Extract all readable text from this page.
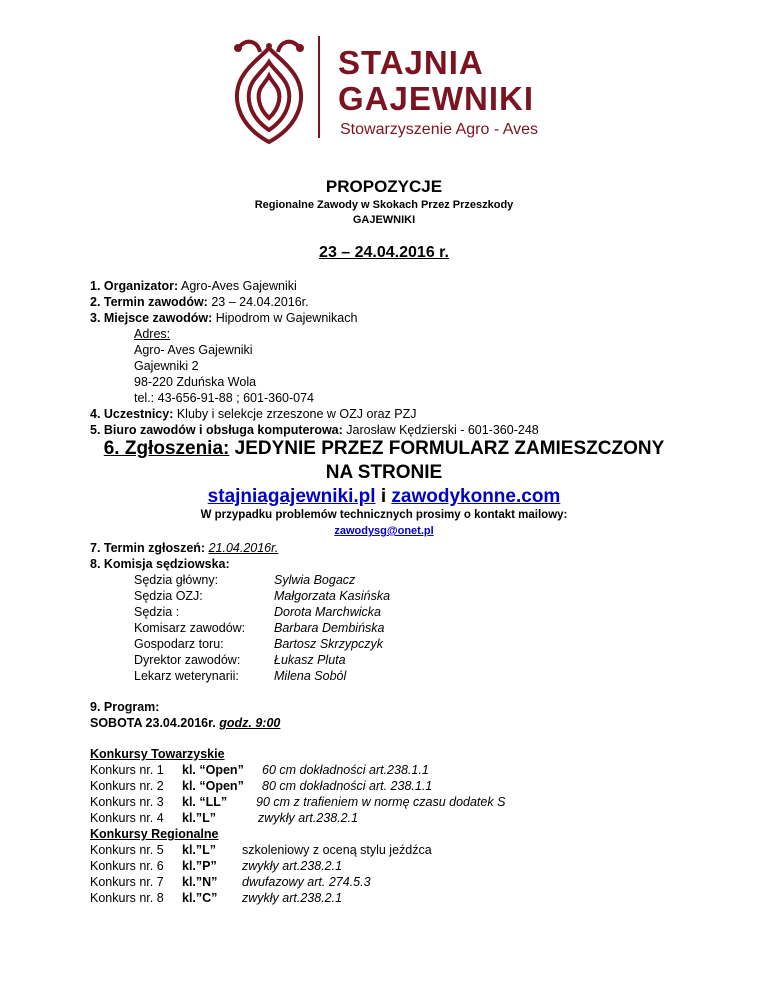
STAJNIA
GAJEWNIKI
Stowarzyszenie Agro - Aves
PROPOZYCJE
Regionalne Zawody w Skokach Przez Przeszkody
GAJEWNIKI
23 – 24.04.2016 r.
1. Organizator: Agro-Aves Gajewniki
2. Termin zawodów: 23 – 24.04.2016r.
3. Miejsce zawodów: Hipodrom w Gajewnikach
Adres:
Agro- Aves Gajewniki
Gajewniki 2
98-220 Zduńska Wola
tel.: 43-656-91-88 ; 601-360-074
4. Uczestnicy: Kluby i selekcje zrzeszone w OZJ oraz PZJ
5. Biuro zawodów i obsługa komputerowa: Jarosław Kędzierski - 601-360-248
6. Zgłoszenia: JEDYNIE PRZEZ FORMULARZ ZAMIESZCZONY
NA STRONIE
stajniagajewniki.pl i zawodykonne.com
W przypadku problemów technicznych prosimy o kontakt mailowy:
zawodysg@onet.pl
7. Termin zgłoszeń: 21.04.2016r.
8. Komisja sędziowska:
Sędzia główny:	Sylwia Bogacz
Sędzia OZJ:	Małgorzata Kasińska
Sędzia :	Dorota Marchwicka
Komisarz zawodów: Barbara Dembińska
Gospodarz toru:	Bartosz Skrzypczyk
Dyrektor zawodów:	Łukasz Pluta
Lekarz weterynarii:	Milena Soból
9. Program:
SOBOTA 23.04.2016r. godz. 9:00
Konkursy Towarzyskie
Konkurs nr. 1 kl. “Open” 60 cm dokładności art.238.1.1
Konkurs nr. 2 kl. “Open” 80 cm dokładności art. 238.1.1
Konkurs nr. 3 kl. “LL” 90 cm z trafieniem w normę czasu dodatek S
Konkurs nr. 4 kl.”L”	zwykły art.238.2.1
Konkursy Regionalne
Konkurs nr. 5 kl.”L” szkoleniowy z oceną stylu jeźdźca
Konkurs nr. 6 kl.”P” zwykły art.238.2.1
Konkurs nr. 7 kl.”N” dwufazowy art. 274.5.3
Konkurs nr. 8 kl.”C” zwykły art.238.2.1
